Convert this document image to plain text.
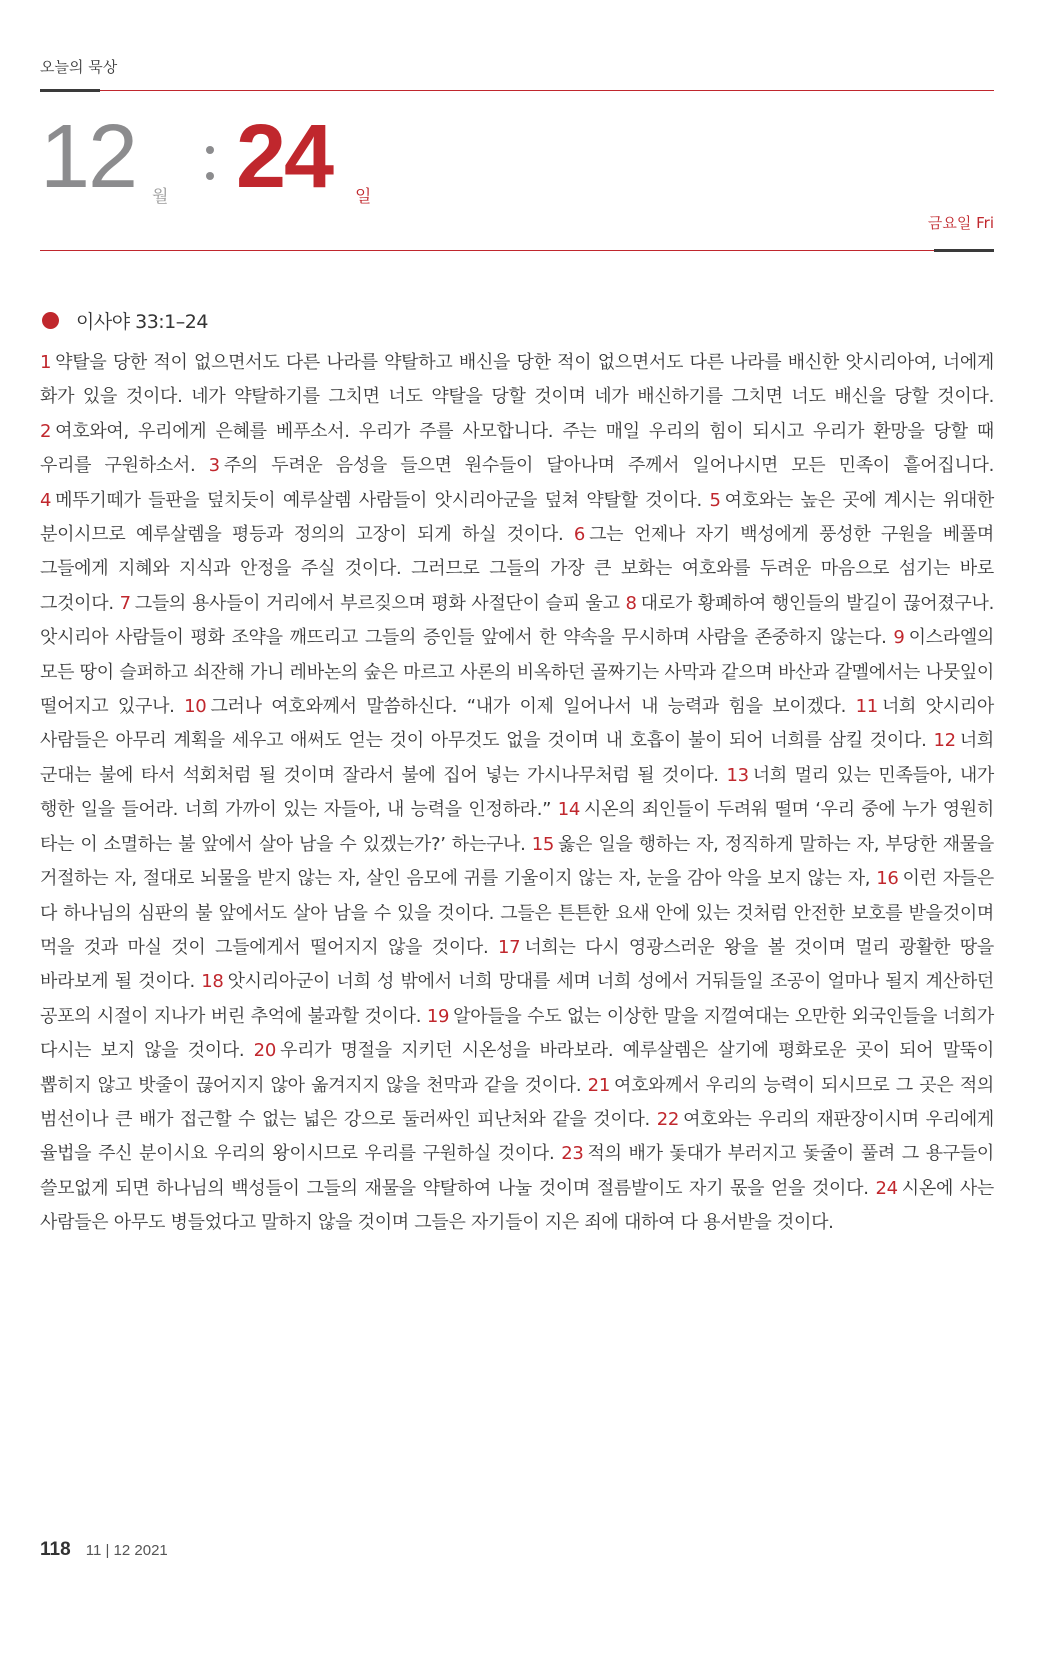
오늘의 묵상
12 월 24 일
금요일 Fri
이사야 33:1–24
1 약탈을 당한 적이 없으면서도 다른 나라를 약탈하고 배신을 당한 적이 없으면서도 다른 나라를 배신한 앗시리아여, 너에게 화가 있을 것이다. 네가 약탈하기를 그치면 너도 약탈을 당할 것이며 네가 배신하기를 그치면 너도 배신을 당할 것이다. 2 여호와여, 우리에게 은혜를 베푸소서. 우리가 주를 사모합니다. 주는 매일 우리의 힘이 되시고 우리가 환망을 당할 때 우리를 구원하소서. 3 주의 두려운 음성을 들으면 원수들이 달아나며 주께서 일어나시면 모든 민족이 흩어집니다. 4 메뚜기떼가 들판을 덮치듯이 예루살렘 사람들이 앗시리아군을 덮쳐 약탈할 것이다. 5 여호와는 높은 곳에 계시는 위대한 분이시므로 예루살렘을 평등과 정의의 고장이 되게 하실 것이다. 6 그는 언제나 자기 백성에게 풍성한 구원을 베풀며 그들에게 지혜와 지식과 안정을 주실 것이다. 그러므로 그들의 가장 큰 보화는 여호와를 두려운 마음으로 섬기는 바로 그것이다. 7 그들의 용사들이 거리에서 부르짖으며 평화 사절단이 슬피 울고 8 대로가 황폐하여 행인들의 발길이 끊어졌구나. 앗시리아 사람들이 평화 조약을 깨뜨리고 그들의 증인들 앞에서 한 약속을 무시하며 사람을 존중하지 않는다. 9 이스라엘의 모든 땅이 슬퍼하고 쇠잔해 가니 레바논의 숲은 마르고 사론의 비옥하던 골짜기는 사막과 같으며 바산과 갈멜에서는 나뭇잎이 떨어지고 있구나. 10 그러나 여호와께서 말씀하신다. “내가 이제 일어나서 내 능력과 힘을 보이겠다. 11 너희 앗시리아 사람들은 아무리 계획을 세우고 애써도 얻는 것이 아무것도 없을 것이며 내 호흡이 불이 되어 너희를 삼킬 것이다. 12 너희 군대는 불에 타서 석회처럼 될 것이며 잘라서 불에 집어 넣는 가시나무처럼 될 것이다. 13 너희 멀리 있는 민족들아, 내가 행한 일을 들어라. 너희 가까이 있는 자들아, 내 능력을 인정하라.” 14 시온의 죄인들이 두려워 떨며 ‘우리 중에 누가 영원히 타는 이 소멸하는 불 앞에서 살아 남을 수 있겠는가?’ 하는구나. 15 옳은 일을 행하는 자, 정직하게 말하는 자, 부당한 재물을 거절하는 자, 절대로 뇌물을 받지 않는 자, 살인 음모에 귀를 기울이지 않는 자, 눈을 감아 악을 보지 않는 자, 16 이런 자들은 다 하나님의 심판의 불 앞에서도 살아 남을 수 있을 것이다. 그들은 튼튼한 요새 안에 있는 것처럼 안전한 보호를 받을것이며 먹을 것과 마실 것이 그들에게서 떨어지지 않을 것이다. 17 너희는 다시 영광스러운 왕을 볼 것이며 멀리 광활한 땅을 바라보게 될 것이다. 18 앗시리아군이 너희 성 밖에서 너희 망대를 세며 너희 성에서 거둬들일 조공이 얼마나 될지 계산하던 공포의 시절이 지나가 버린 추억에 불과할 것이다. 19 알아들을 수도 없는 이상한 말을 지껄여대는 오만한 외국인들을 너희가 다시는 보지 않을 것이다. 20 우리가 명절을 지키던 시온성을 바라보라. 예루살렘은 살기에 평화로운 곳이 되어 말뚝이 뽑히지 않고 밧줄이 끊어지지 않아 옮겨지지 않을 천막과 같을 것이다. 21 여호와께서 우리의 능력이 되시므로 그 곳은 적의 범선이나 큰 배가 접근할 수 없는 넓은 강으로 둘러싸인 피난처와 같을 것이다. 22 여호와는 우리의 재판장이시며 우리에게 율법을 주신 분이시요 우리의 왕이시므로 우리를 구원하실 것이다. 23 적의 배가 돛대가 부러지고 돛줄이 풀려 그 용구들이 쓸모없게 되면 하나님의 백성들이 그들의 재물을 약탈하여 나눌 것이며 절름발이도 자기 몫을 얻을 것이다. 24 시온에 사는 사람들은 아무도 병들었다고 말하지 않을 것이며 그들은 자기들이 지은 죄에 대하여 다 용서받을 것이다.
118 11 | 12 2021
